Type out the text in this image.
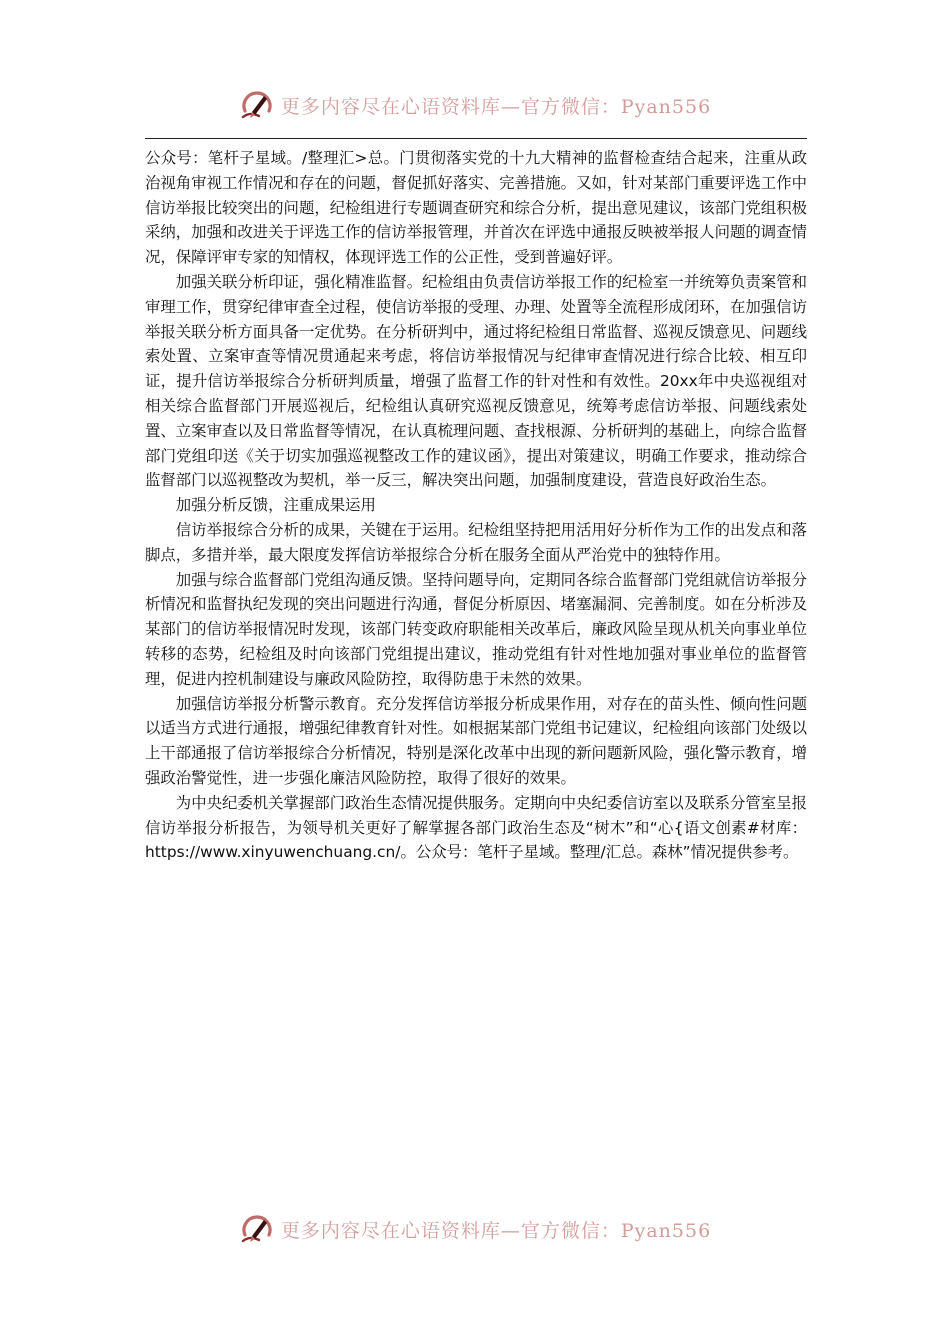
更多内容尽在心语资料库—官方微信：Pyan556

公众号：笔杆子星域。/整理汇>总。门贯彻落实党的十九大精神的监督检查结合起来，注重从政治视角审视工作情况和存在的问题，督促抓好落实、完善措施。又如，针对某部门重要评选工作中信访举报比较突出的问题，纪检组进行专题调查研究和综合分析，提出意见建议，该部门党组积极采纳，加强和改进关于评选工作的信访举报管理，并首次在评选中通报反映被举报人问题的调查情况，保障评审专家的知情权，体现评选工作的公正性，受到普遍好评。

加强关联分析印证，强化精准监督。纪检组由负责信访举报工作的纪检室一并统筹负责案管和审理工作，贯穿纪律审查全过程，使信访举报的受理、办理、处置等全流程形成闭环，在加强信访举报关联分析方面具备一定优势。在分析研判中，通过将纪检组日常监督、巡视反馈意见、问题线索处置、立案审查等情况贯通起来考虑，将信访举报情况与纪律审查情况进行综合比较、相互印证，提升信访举报综合分析研判质量，增强了监督工作的针对性和有效性。20xx年中央巡视组对相关综合监督部门开展巡视后，纪检组认真研究巡视反馈意见，统筹考虑信访举报、问题线索处置、立案审查以及日常监督等情况，在认真梳理问题、查找根源、分析研判的基础上，向综合监督部门党组印送《关于切实加强巡视整改工作的建议函》，提出对策建议，明确工作要求，推动综合监督部门以巡视整改为契机，举一反三，解决突出问题，加强制度建设，营造良好政治生态。

加强分析反馈，注重成果运用

信访举报综合分析的成果，关键在于运用。纪检组坚持把用活用好分析作为工作的出发点和落脚点，多措并举，最大限度发挥信访举报综合分析在服务全面从严治党中的独特作用。

加强与综合监督部门党组沟通反馈。坚持问题导向，定期同各综合监督部门党组就信访举报分析情况和监督执纪发现的突出问题进行沟通，督促分析原因、堵塞漏洞、完善制度。如在分析涉及某部门的信访举报情况时发现，该部门转变政府职能相关改革后，廉政风险呈现从机关向事业单位转移的态势，纪检组及时向该部门党组提出建议，推动党组有针对性地加强对事业单位的监督管理，促进内控机制建设与廉政风险防控，取得防患于未然的效果。

加强信访举报分析警示教育。充分发挥信访举报分析成果作用，对存在的苗头性、倾向性问题以适当方式进行通报，增强纪律教育针对性。如根据某部门党组书记建议，纪检组向该部门处级以上干部通报了信访举报综合分析情况，特别是深化改革中出现的新问题新风险，强化警示教育，增强政治警觉性，进一步强化廉洁风险防控，取得了很好的效果。

为中央纪委机关掌握部门政治生态情况提供服务。定期向中央纪委信访室以及联系分管室呈报信访举报分析报告，为领导机关更好了解掌握各部门政治生态及“树木”和“心{语文创素#材库：https://www.xinyuwenchuang.cn/。公众号：笔杆子星域。整理/汇总。森林”情况提供参考。

更多内容尽在心语资料库—官方微信：Pyan556
